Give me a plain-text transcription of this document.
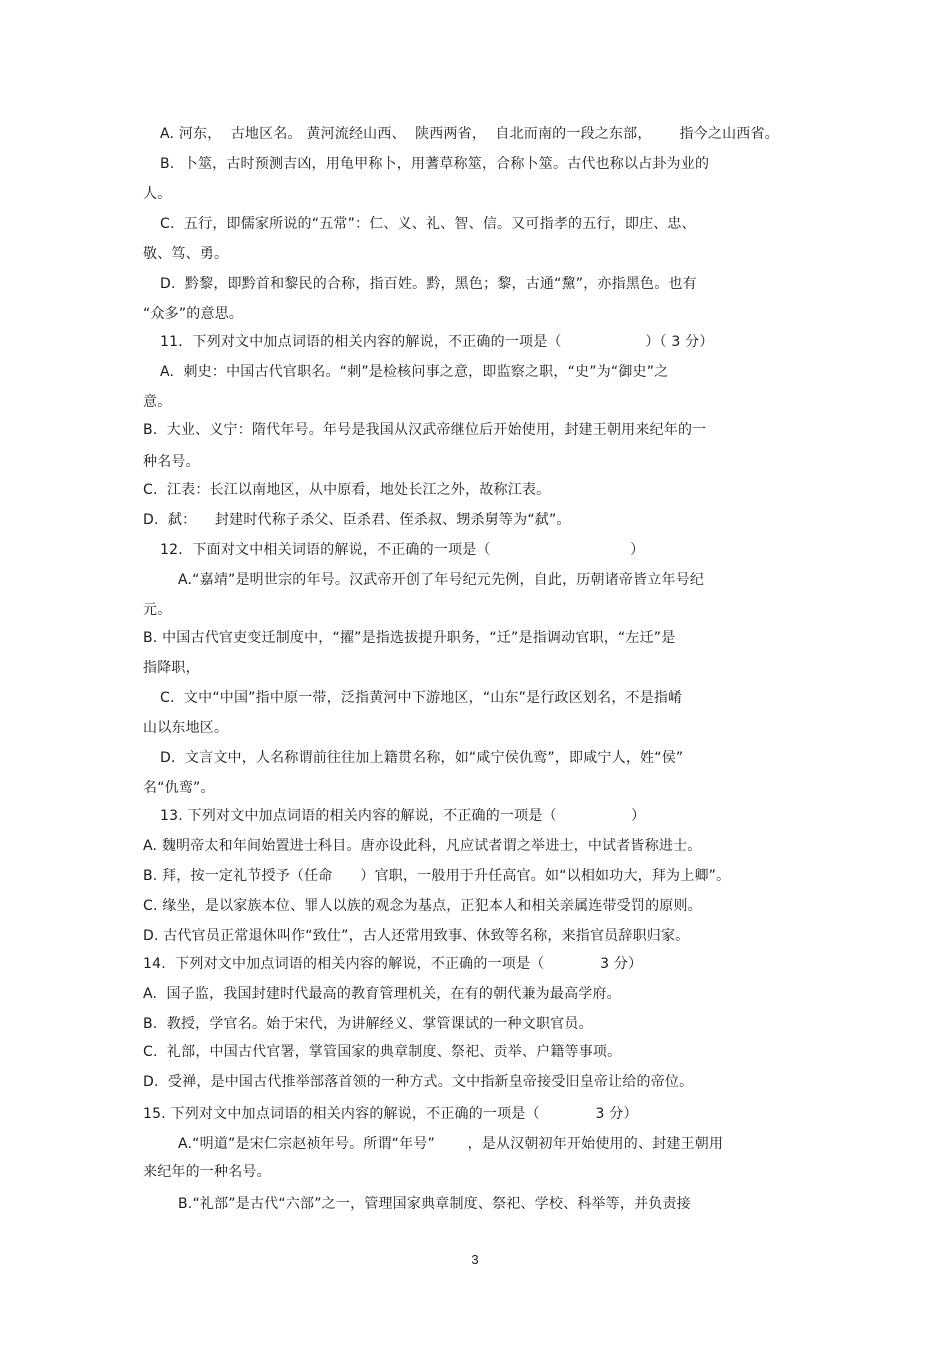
A. 河东，  古地区名。 黄河流经山西、  陕西两省，  自北而南的一段之东部，      指今之山西省。
B.  卜筮，古时预测吉凶，用龟甲称卜，用蓍草称筮，合称卜筮。古代也称以占卦为业的
人。
C.  五行，即儒家所说的“五常”：仁、义、礼、智、信。又可指孝的五行，即庄、忠、
敬、笃、勇。
D.  黔黎，即黔首和黎民的合称，指百姓。黔，黑色；黎，古通“黧”，亦指黑色。也有
“众多”的意思。
11．下列对文中加点词语的相关内容的解说，不正确的一项是（                  ）（ 3 分）
A.  刺史：中国古代官职名。“刺”是检核问事之意，即监察之职，“史”为“御史”之
意。
B.  大业、义宁：隋代年号。年号是我国从汉武帝继位后开始使用，封建王朝用来纪年的一
种名号。
C.  江表：长江以南地区，从中原看，地处长江之外，故称江表。
D.  弑：    封建时代称子杀父、臣杀君、侄杀叔、甥杀舅等为“弑”。
12．下面对文中相关词语的解说，不正确的一项是（                              ）
A.“嘉靖”是明世宗的年号。汉武帝开创了年号纪元先例，自此，历朝诸帝皆立年号纪
元。
B. 中国古代官吏变迁制度中，“擢”是指选拔提升职务，“迁”是指调动官职，“左迁”是
指降职，
C.  文中“中国”指中原一带，泛指黄河中下游地区，“山东”是行政区划名，不是指崤
山以东地区。
D.  文言文中，人名称谓前往往加上籍贯名称，如“咸宁侯仇鸾”，即咸宁人，姓“侯”
名“仇鸾”。
13. 下列对文中加点词语的相关内容的解说，不正确的一项是（                ）
A. 魏明帝太和年间始置进士科目。唐亦设此科，凡应试者谓之举进士，中试者皆称进士。
B. 拜，按一定礼节授予（任命      ）官职，一般用于升任高官。如“以相如功大，拜为上卿”。
C. 缘坐，是以家族本位、罪人以族的观念为基点，正犯本人和相关亲属连带受罚的原则。
D. 古代官员正常退休叫作“致仕”，古人还常用致事、休致等名称，来指官员辞职归家。
14.  下列对文中加点词语的相关内容的解说，不正确的一项是（            3 分）
A.  国子监，我国封建时代最高的教育管理机关，在有的朝代兼为最高学府。
B.  教授，学官名。始于宋代，为讲解经义、掌管课试的一种文职官员。
C.  礼部，中国古代官署，掌管国家的典章制度、祭祀、贡举、户籍等事项。
D.  受禅，是中国古代推举部落首领的一种方式。文中指新皇帝接受旧皇帝让给的帝位。
15. 下列对文中加点词语的相关内容的解说，不正确的一项是（            3 分）
A.“明道”是宋仁宗赵祯年号。所谓“年号”       ，是从汉朝初年开始使用的、封建王朝用
来纪年的一种名号。
B.“礼部”是古代“六部”之一，管理国家典章制度、祭祀、学校、科举等，并负责接
3
